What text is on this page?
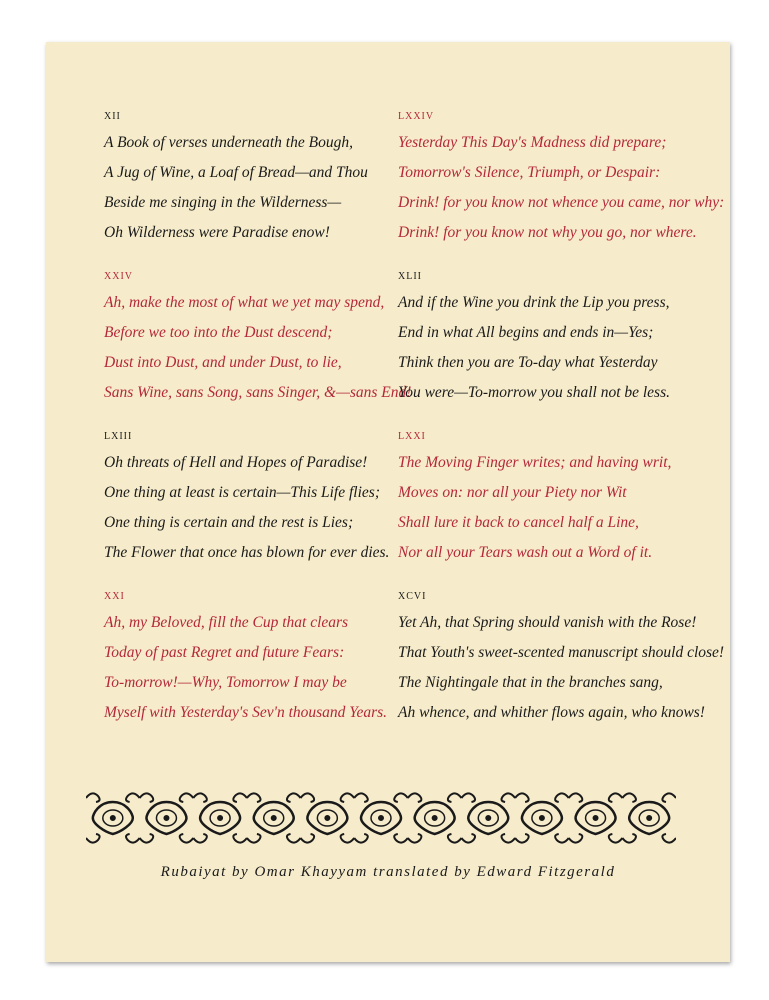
XII
A Book of verses underneath the Bough,
A Jug of Wine, a Loaf of Bread—and Thou
Beside me singing in the Wilderness—
Oh Wilderness were Paradise enow!
XXIV
Ah, make the most of what we yet may spend,
Before we too into the Dust descend;
Dust into Dust, and under Dust, to lie,
Sans Wine, sans Song, sans Singer, &—sans End!
LXIII
Oh threats of Hell and Hopes of Paradise!
One thing at least is certain—This Life flies;
One thing is certain and the rest is Lies;
The Flower that once has blown for ever dies.
XXI
Ah, my Beloved, fill the Cup that clears
Today of past Regret and future Fears:
To-morrow!—Why, Tomorrow I may be
Myself with Yesterday's Sev'n thousand Years.
LXXIV
Yesterday This Day's Madness did prepare;
Tomorrow's Silence, Triumph, or Despair:
Drink! for you know not whence you came, nor why:
Drink! for you know not why you go, nor where.
XLII
And if the Wine you drink the Lip you press,
End in what All begins and ends in—Yes;
Think then you are To-day what Yesterday
You were—To-morrow you shall not be less.
LXXI
The Moving Finger writes; and having writ,
Moves on: nor all your Piety nor Wit
Shall lure it back to cancel half a Line,
Nor all your Tears wash out a Word of it.
XCVI
Yet Ah, that Spring should vanish with the Rose!
That Youth's sweet-scented manuscript should close!
The Nightingale that in the branches sang,
Ah whence, and whither flows again, who knows!
Rubaiyat by Omar Khayyam translated by Edward Fitzgerald
